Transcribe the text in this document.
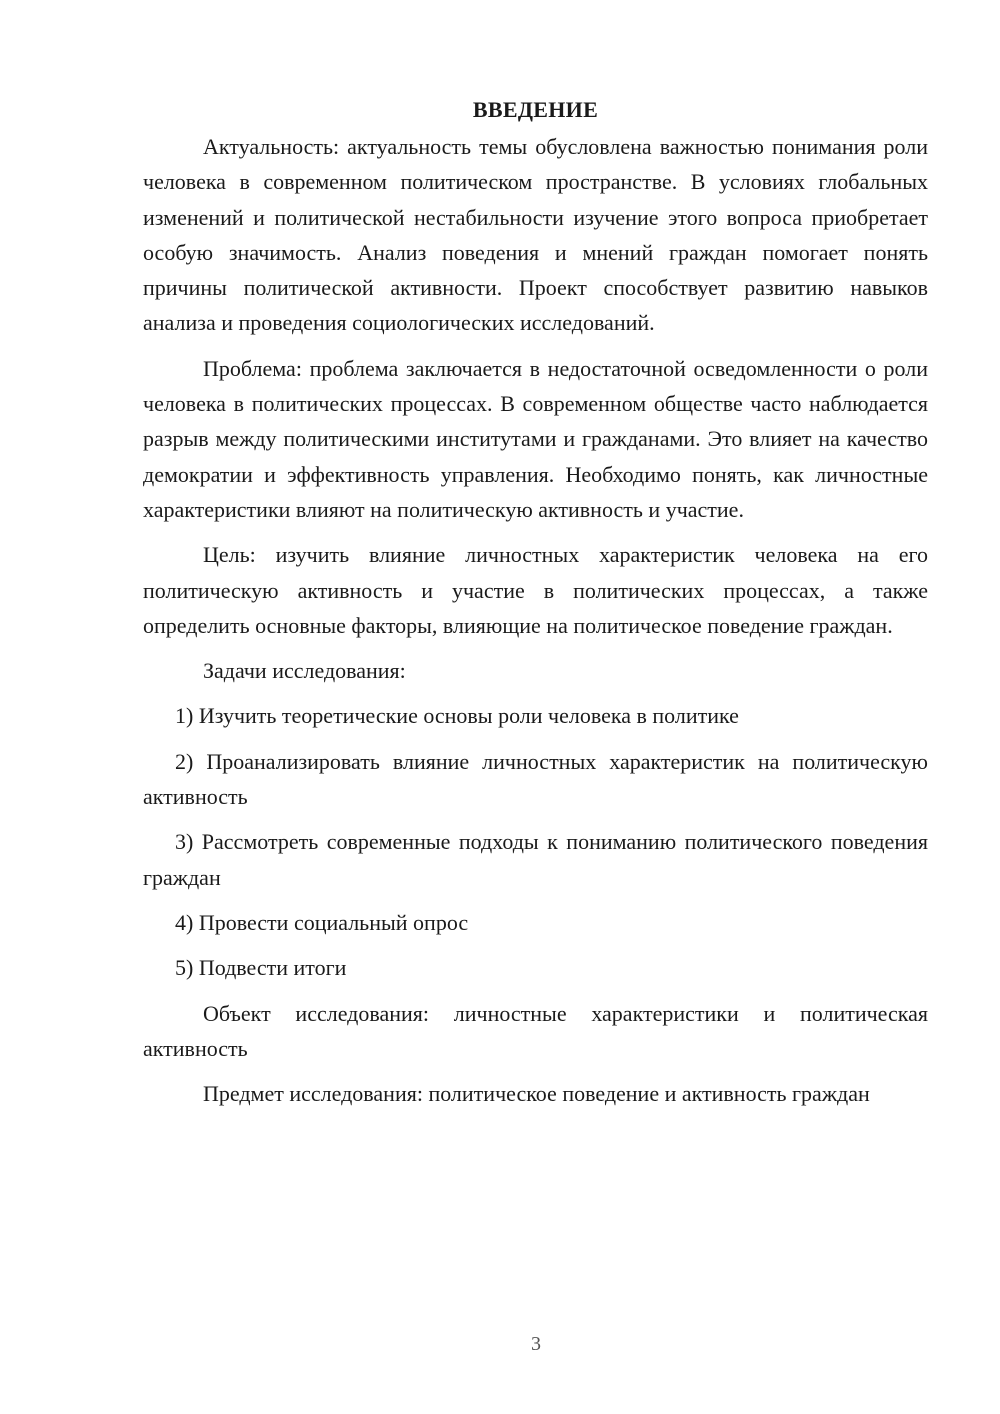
ВВЕДЕНИЕ

Актуальность: актуальность темы обусловлена важностью понимания роли человека в современном политическом пространстве. В условиях глобальных изменений и политической нестабильности изучение этого вопроса приобретает особую значимость. Анализ поведения и мнений граждан помогает понять причины политической активности. Проект способствует развитию навыков анализа и проведения социологических исследований.

Проблема: проблема заключается в недостаточной осведомленности о роли человека в политических процессах. В современном обществе часто наблюдается разрыв между политическими институтами и гражданами. Это влияет на качество демократии и эффективность управления. Необходимо понять, как личностные характеристики влияют на политическую активность и участие.

Цель: изучить влияние личностных характеристик человека на его политическую активность и участие в политических процессах, а также определить основные факторы, влияющие на политическое поведение граждан.

Задачи исследования:

1) Изучить теоретические основы роли человека в политике

2) Проанализировать влияние личностных характеристик на политическую активность

3) Рассмотреть современные подходы к пониманию политического поведения граждан

4) Провести социальный опрос

5) Подвести итоги

Объект исследования: личностные характеристики и политическая активность

Предмет исследования: политическое поведение и активность граждан

3
